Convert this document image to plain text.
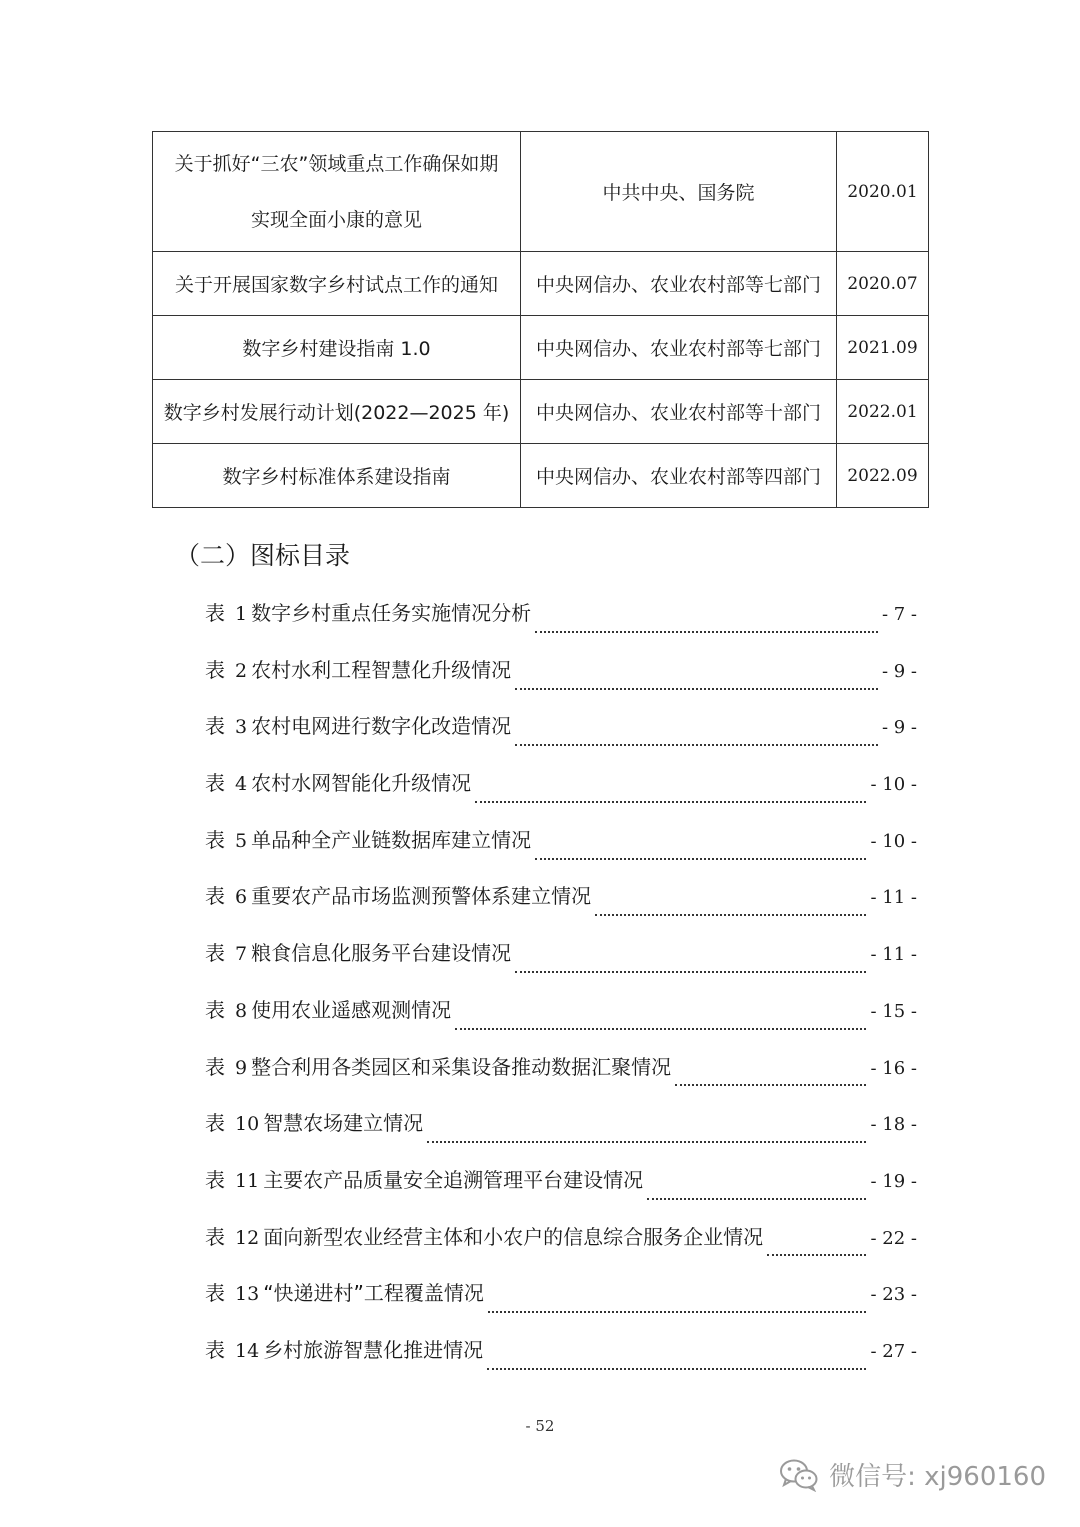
关于抓好“三农”领域重点工作确保如期
实现全面小康的意见	中共中央、国务院	2020.01
关于开展国家数字乡村试点工作的通知	中央网信办、农业农村部等七部门	2020.07
数字乡村建设指南 1.0	中央网信办、农业农村部等七部门	2021.09
数字乡村发展行动计划(2022—2025 年)	中央网信办、农业农村部等十部门	2022.01
数字乡村标准体系建设指南	中央网信办、农业农村部等四部门	2022.09
（二）图标目录
表 1 数字乡村重点任务实施情况分析	- 7 -
表 2 农村水利工程智慧化升级情况	- 9 -
表 3 农村电网进行数字化改造情况	- 9 -
表 4 农村水网智能化升级情况	- 10 -
表 5 单品种全产业链数据库建立情况	- 10 -
表 6 重要农产品市场监测预警体系建立情况	- 11 -
表 7 粮食信息化服务平台建设情况	- 11 -
表 8 使用农业遥感观测情况	- 15 -
表 9 整合利用各类园区和采集设备推动数据汇聚情况	- 16 -
表 10 智慧农场建立情况	- 18 -
表 11 主要农产品质量安全追溯管理平台建设情况	- 19 -
表 12 面向新型农业经营主体和小农户的信息综合服务企业情况	- 22 -
表 13 “快递进村”工程覆盖情况	- 23 -
表 14 乡村旅游智慧化推进情况	- 27 -
- 52
微信号: xj960160
